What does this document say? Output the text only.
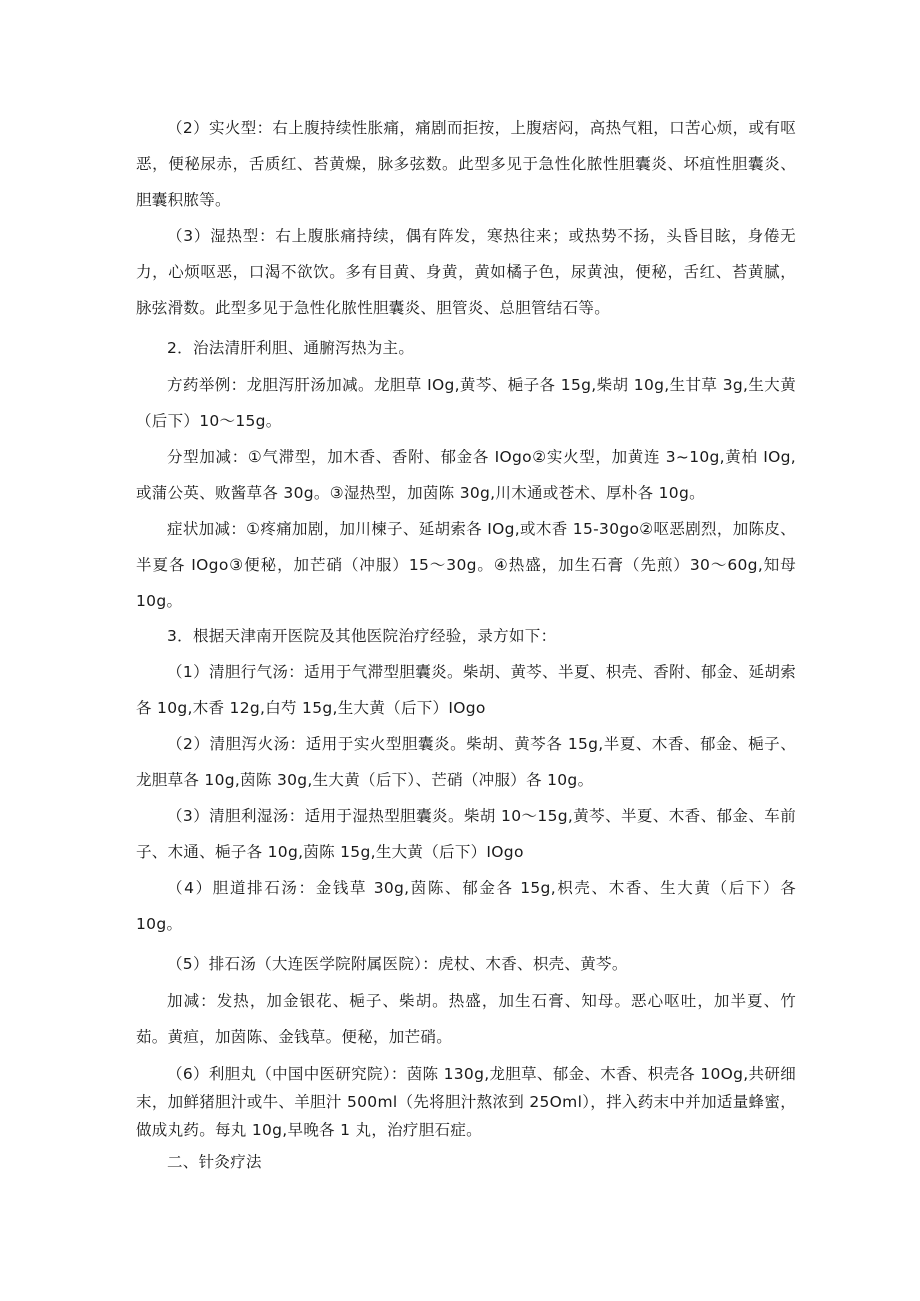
（2）实火型：右上腹持续性胀痛，痛剧而拒按，上腹痞闷，高热气粗，口苦心烦，或有呕恶，便秘尿赤，舌质红、苔黄燥，脉多弦数。此型多见于急性化脓性胆囊炎、坏疽性胆囊炎、胆囊积脓等。

（3）湿热型：右上腹胀痛持续，偶有阵发，寒热往来；或热势不扬，头昏目眩，身倦无力，心烦呕恶，口渴不欲饮。多有目黄、身黄，黄如橘子色，尿黄浊，便秘，舌红、苔黄腻，脉弦滑数。此型多见于急性化脓性胆囊炎、胆管炎、总胆管结石等。

2．治法清肝利胆、通腑泻热为主。

方药举例：龙胆泻肝汤加减。龙胆草 IOg,黄芩、梔子各 15g,柴胡 10g,生甘草 3g,生大黄（后下）10～15g。

分型加减：①气滞型，加木香、香附、郁金各 IOgo②实火型，加黄连 3~10g,黄柏 IOg,或蒲公英、败酱草各 30g。③湿热型，加茵陈 30g,川木通或苍术、厚朴各 10g。

症状加减：①疼痛加剧，加川楝子、延胡索各 IOg,或木香 15-30go②呕恶剧烈，加陈皮、半夏各 IOgo③便秘，加芒硝（冲服）15～30g。④热盛，加生石膏（先煎）30～60g,知母 10g。

3．根据天津南开医院及其他医院治疗经验，录方如下：

（1）清胆行气汤：适用于气滞型胆囊炎。柴胡、黄芩、半夏、枳壳、香附、郁金、延胡索各 10g,木香 12g,白芍 15g,生大黄（后下）IOgo

（2）清胆泻火汤：适用于实火型胆囊炎。柴胡、黄芩各 15g,半夏、木香、郁金、梔子、龙胆草各 10g,茵陈 30g,生大黄（后下）、芒硝（冲服）各 10g。

（3）清胆利湿汤：适用于湿热型胆囊炎。柴胡 10～15g,黄芩、半夏、木香、郁金、车前子、木通、梔子各 10g,茵陈 15g,生大黄（后下）IOgo

（4）胆道排石汤：金钱草 30g,茵陈、郁金各 15g,枳壳、木香、生大黄（后下）各 10g。

（5）排石汤（大连医学院附属医院）：虎杖、木香、枳壳、黄芩。

加减：发热，加金银花、梔子、柴胡。热盛，加生石膏、知母。恶心呕吐，加半夏、竹茹。黄疸，加茵陈、金钱草。便秘，加芒硝。

（6）利胆丸（中国中医研究院）：茵陈 130g,龙胆草、郁金、木香、枳壳各 10Og,共研细末，加鲜猪胆汁或牛、羊胆汁 500ml（先将胆汁熬浓到 25Oml），拌入药末中并加适量蜂蜜，做成丸药。每丸 10g,早晚各 1 丸，治疗胆石症。

二、针灸疗法
